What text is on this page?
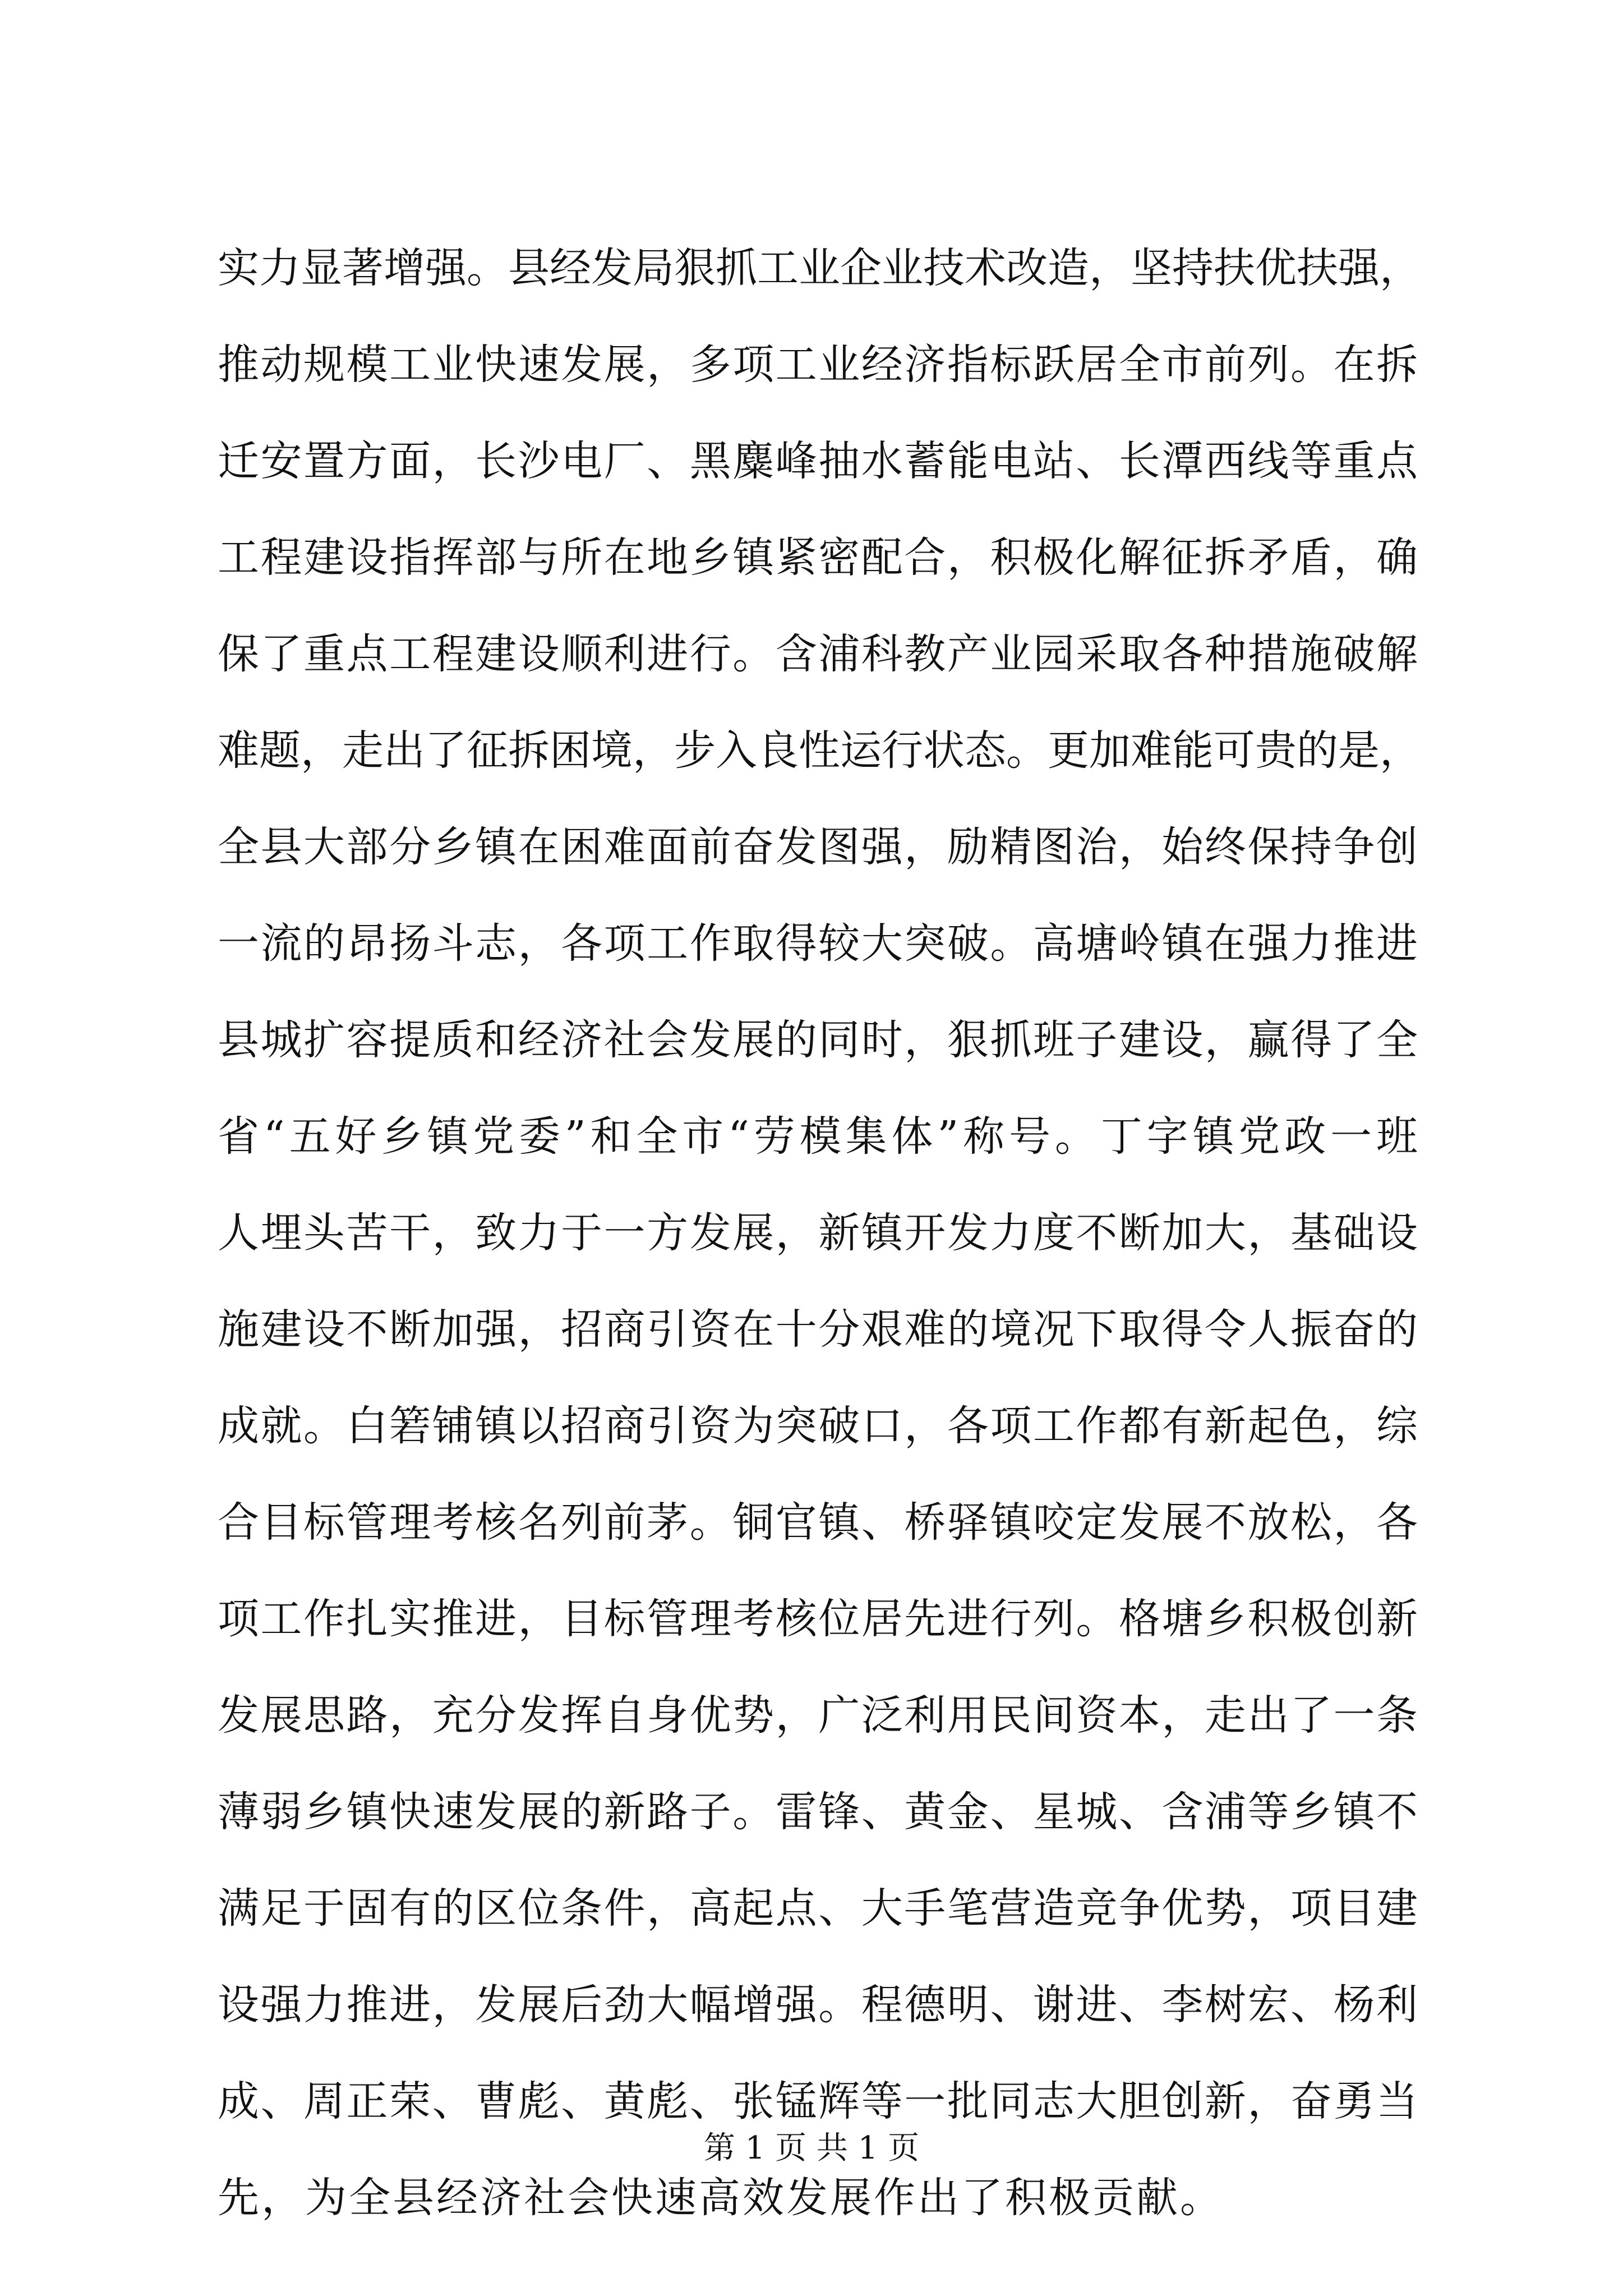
实力显著增强。县经发局狠抓工业企业技术改造，坚持扶优扶强，
推动规模工业快速发展，多项工业经济指标跃居全市前列。在拆
迁安置方面，长沙电厂、黑麋峰抽水蓄能电站、长潭西线等重点
工程建设指挥部与所在地乡镇紧密配合，积极化解征拆矛盾，确
保了重点工程建设顺利进行。含浦科教产业园采取各种措施破解
难题，走出了征拆困境，步入良性运行状态。更加难能可贵的是，
全县大部分乡镇在困难面前奋发图强，励精图治，始终保持争创
一流的昂扬斗志，各项工作取得较大突破。高塘岭镇在强力推进
县城扩容提质和经济社会发展的同时，狠抓班子建设，赢得了全
省“五好乡镇党委”和全市“劳模集体”称号。丁字镇党政一班
人埋头苦干，致力于一方发展，新镇开发力度不断加大，基础设
施建设不断加强，招商引资在十分艰难的境况下取得令人振奋的
成就。白箬铺镇以招商引资为突破口，各项工作都有新起色，综
合目标管理考核名列前茅。铜官镇、桥驿镇咬定发展不放松，各
项工作扎实推进，目标管理考核位居先进行列。格塘乡积极创新
发展思路，充分发挥自身优势，广泛利用民间资本，走出了一条
薄弱乡镇快速发展的新路子。雷锋、黄金、星城、含浦等乡镇不
满足于固有的区位条件，高起点、大手笔营造竞争优势，项目建
设强力推进，发展后劲大幅增强。程德明、谢进、李树宏、杨利
成、周正荣、曹彪、黄彪、张锰辉等一批同志大胆创新，奋勇当
先，为全县经济社会快速高效发展作出了积极贡献。
第 1 页 共 1 页
